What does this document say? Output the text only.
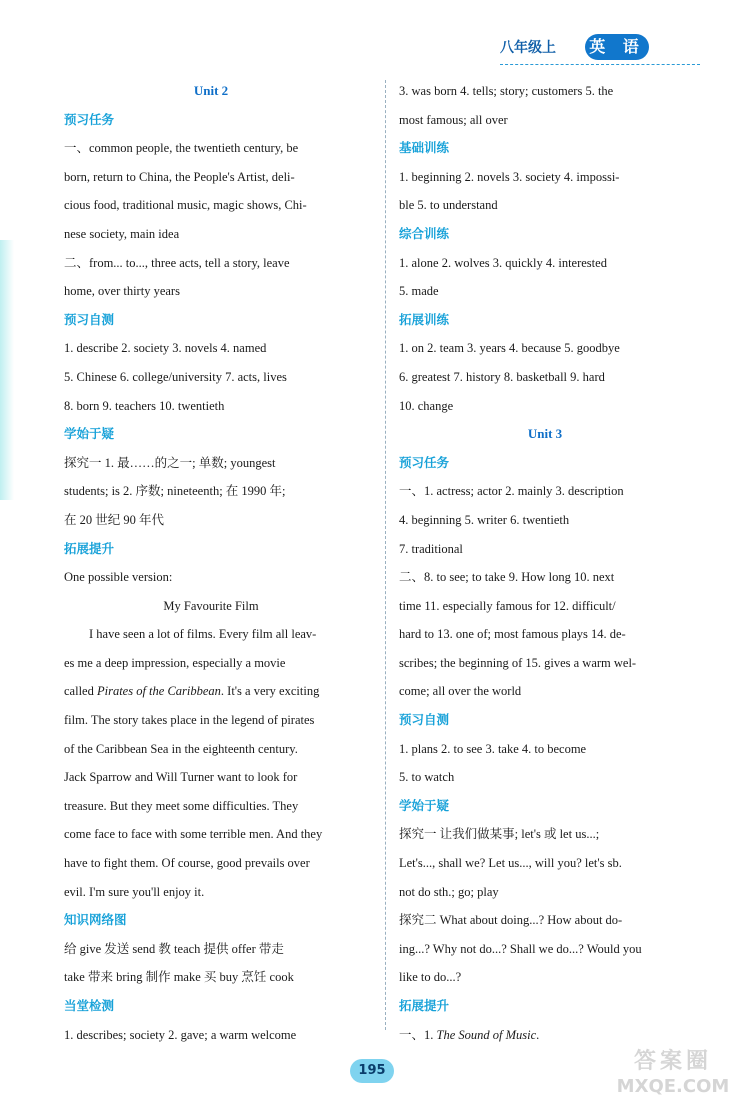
八年级上 英 语

Unit 2

预习任务

一、common people, the twentieth century, be

born, return to China, the People's Artist, deli-

cious food, traditional music, magic shows, Chi-

nese society, main idea

二、from... to..., three acts, tell a story, leave

home, over thirty years

预习自测

1. describe 2. society 3. novels 4. named

5. Chinese 6. college/university 7. acts, lives

8. born 9. teachers 10. twentieth

学始于疑

探究一 1. 最……的之一; 单数; youngest

students; is 2. 序数; nineteenth; 在 1990 年;

在 20 世纪 90 年代

拓展提升

One possible version:

My Favourite Film

I have seen a lot of films. Every film all leav-

es me a deep impression, especially a movie

called Pirates of the Caribbean. It's a very exciting

film. The story takes place in the legend of pirates

of the Caribbean Sea in the eighteenth century.

Jack Sparrow and Will Turner want to look for

treasure. But they meet some difficulties. They

come face to face with some terrible men. And they

have to fight them. Of course, good prevails over

evil. I'm sure you'll enjoy it.

知识网络图

给 give 发送 send 教 teach 提供 offer 带走

take 带来 bring 制作 make 买 buy 烹饪 cook

当堂检测

1. describes; society 2. gave; a warm welcome

3. was born 4. tells; story; customers 5. the

most famous; all over

基础训练

1. beginning 2. novels 3. society 4. impossi-

ble 5. to understand

综合训练

1. alone 2. wolves 3. quickly 4. interested

5. made

拓展训练

1. on 2. team 3. years 4. because 5. goodbye

6. greatest 7. history 8. basketball 9. hard

10. change

Unit 3

预习任务

一、1. actress; actor 2. mainly 3. description

4. beginning 5. writer 6. twentieth

7. traditional

二、8. to see; to take 9. How long 10. next

time 11. especially famous for 12. difficult/

hard to 13. one of; most famous plays 14. de-

scribes; the beginning of 15. gives a warm wel-

come; all over the world

预习自测

1. plans 2. to see 3. take 4. to become

5. to watch

学始于疑

探究一 让我们做某事; let's 或 let us...;

Let's..., shall we? Let us..., will you? let's sb.

not do sth.; go; play

探究二 What about doing...? How about do-

ing...? Why not do...? Shall we do...? Would you

like to do...?

拓展提升

一、1. The Sound of Music.

195	答案圈
MXQE.COM
